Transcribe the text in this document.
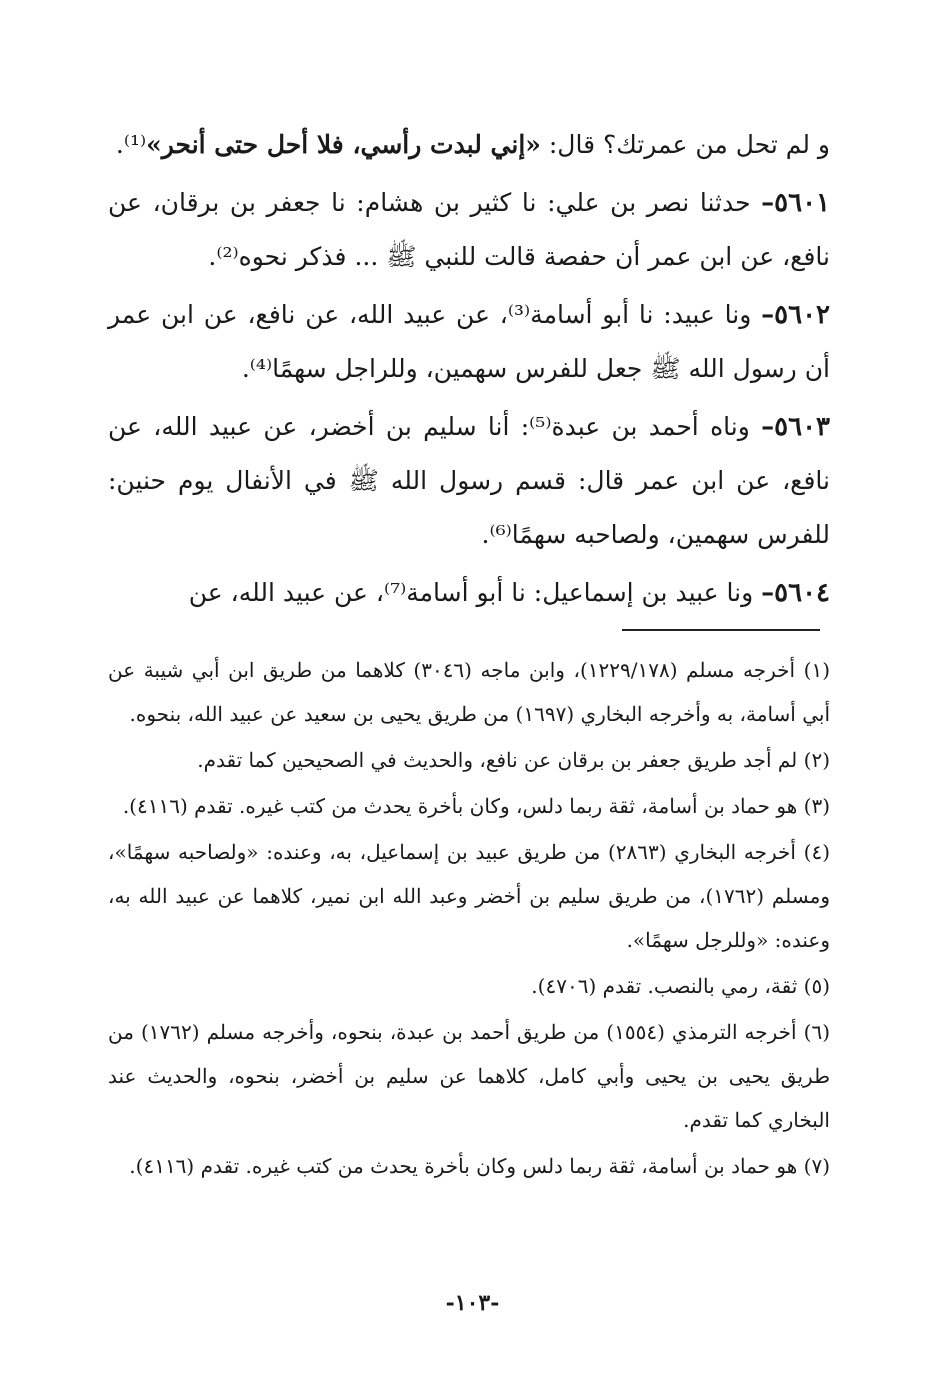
و لم تحل من عمرتك؟ قال: «إني لبدت رأسي، فلا أحل حتى أنحر»⁽¹⁾.

٥٦٠١– حدثنا نصر بن علي: نا كثير بن هشام: نا جعفر بن برقان، عن نافع، عن ابن عمر أن حفصة قالت للنبي ﷺ ... فذكر نحوه⁽²⁾.

٥٦٠٢– ونا عبيد: نا أبو أسامة⁽³⁾، عن عبيد الله، عن نافع، عن ابن عمر أن رسول الله ﷺ جعل للفرس سهمين، وللراجل سهمًا⁽⁴⁾.

٥٦٠٣– وناه أحمد بن عبدة⁽⁵⁾: أنا سليم بن أخضر، عن عبيد الله، عن نافع، عن ابن عمر قال: قسم رسول الله ﷺ في الأنفال يوم حنين: للفرس سهمين، ولصاحبه سهمًا⁽⁶⁾.

٥٦٠٤– ونا عبيد بن إسماعيل: نا أبو أسامة⁽⁷⁾، عن عبيد الله، عن

(١) أخرجه مسلم (١٢٢٩/١٧٨)، وابن ماجه (٣٠٤٦) كلاهما من طريق ابن أبي شيبة عن أبي أسامة، به وأخرجه البخاري (١٦٩٧) من طريق يحيى بن سعيد عن عبيد الله، بنحوه.

(٢) لم أجد طريق جعفر بن برقان عن نافع، والحديث في الصحيحين كما تقدم.

(٣) هو حماد بن أسامة، ثقة ربما دلس، وكان بأخرة يحدث من كتب غيره. تقدم (٤١١٦).

(٤) أخرجه البخاري (٢٨٦٣) من طريق عبيد بن إسماعيل، به، وعنده: «ولصاحبه سهمًا»، ومسلم (١٧٦٢)، من طريق سليم بن أخضر وعبد الله ابن نمير، كلاهما عن عبيد الله به، وعنده: «وللرجل سهمًا».

(٥) ثقة، رمي بالنصب. تقدم (٤٧٠٦).

(٦) أخرجه الترمذي (١٥٥٤) من طريق أحمد بن عبدة، بنحوه، وأخرجه مسلم (١٧٦٢) من طريق يحيى بن يحيى وأبي كامل، كلاهما عن سليم بن أخضر، بنحوه، والحديث عند البخاري كما تقدم.

(٧) هو حماد بن أسامة، ثقة ربما دلس وكان بأخرة يحدث من كتب غيره. تقدم (٤١١٦).

-١٠٣-
